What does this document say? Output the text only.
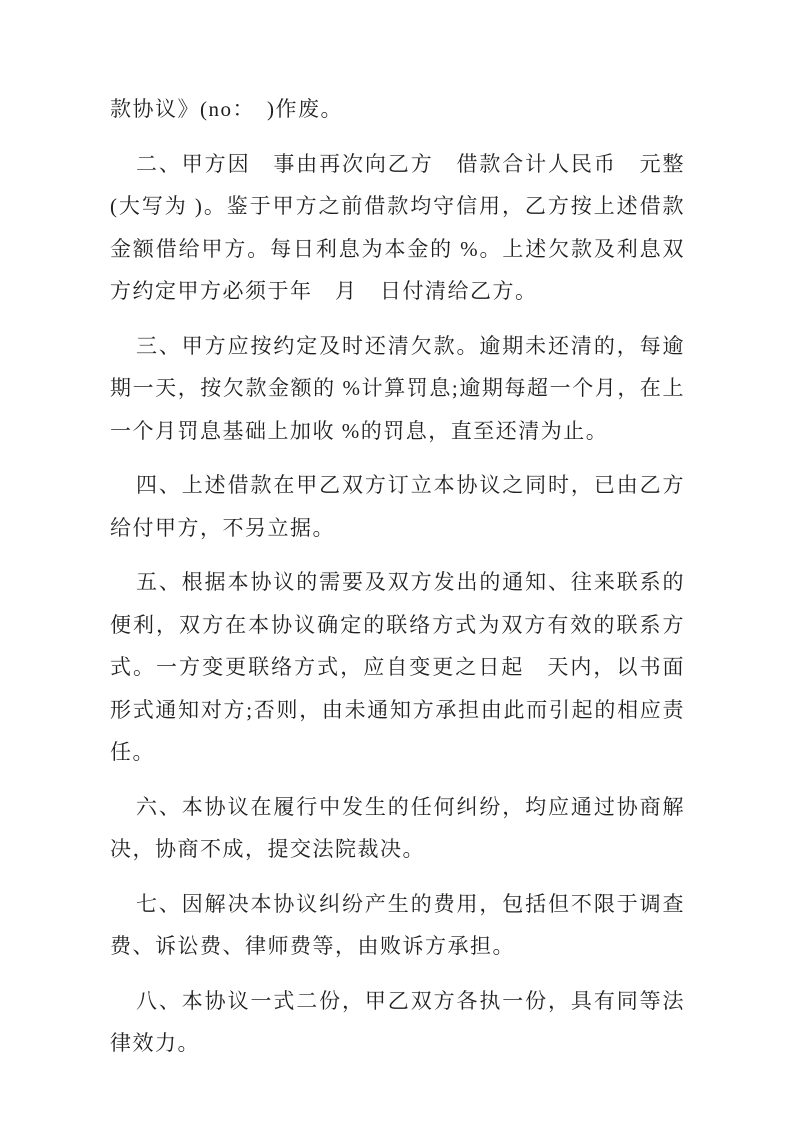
款协议》(no：　)作废。
二、甲方因　事由再次向乙方　借款合计人民币　元整(大写为 )。鉴于甲方之前借款均守信用，乙方按上述借款金额借给甲方。每日利息为本金的 %。上述欠款及利息双方约定甲方必须于年　月　日付清给乙方。
三、甲方应按约定及时还清欠款。逾期未还清的，每逾期一天，按欠款金额的 %计算罚息;逾期每超一个月，在上一个月罚息基础上加收 %的罚息，直至还清为止。
四、上述借款在甲乙双方订立本协议之同时，已由乙方给付甲方，不另立据。
五、根据本协议的需要及双方发出的通知、往来联系的便利，双方在本协议确定的联络方式为双方有效的联系方式。一方变更联络方式，应自变更之日起　天内，以书面形式通知对方;否则，由未通知方承担由此而引起的相应责任。
六、本协议在履行中发生的任何纠纷，均应通过协商解决，协商不成，提交法院裁决。
七、因解决本协议纠纷产生的费用，包括但不限于调查费、诉讼费、律师费等，由败诉方承担。
八、本协议一式二份，甲乙双方各执一份，具有同等法律效力。
